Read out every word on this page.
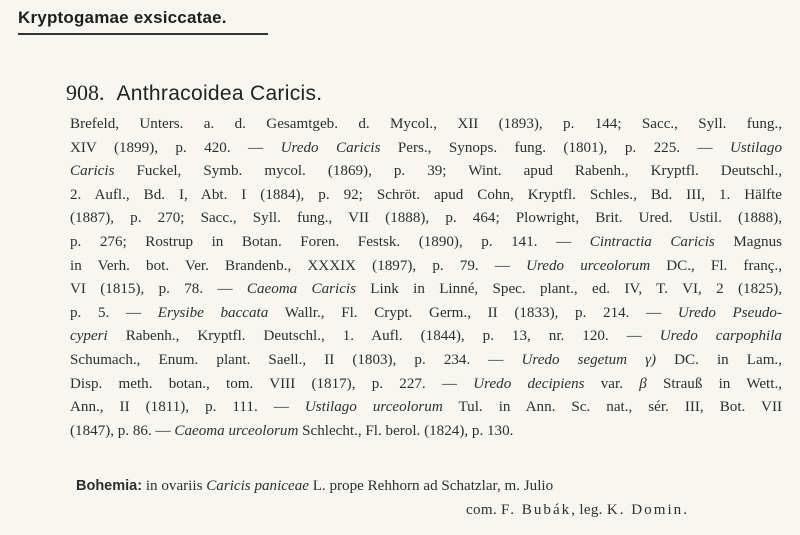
Kryptogamae exsiccatae.
908. Anthracoidea Caricis.
Brefeld, Unters. a. d. Gesamtgeb. d. Mycol., XII (1893), p. 144; Sacc., Syll. fung.,
XIV (1899), p. 420. — Uredo Caricis Pers., Synops. fung. (1801), p. 225. — Ustilago
Caricis Fuckel, Symb. mycol. (1869), p. 39; Wint. apud Rabenh., Kryptfl. Deutschl.,
2. Aufl., Bd. I, Abt. I (1884), p. 92; Schröt. apud Cohn, Kryptfl. Schles., Bd. III, 1. Hälfte
(1887), p. 270; Sacc., Syll. fung., VII (1888), p. 464; Plowright, Brit. Ured. Ustil. (1888),
p. 276; Rostrup in Botan. Foren. Festsk. (1890), p. 141. — Cintractia Caricis Magnus
in Verh. bot. Ver. Brandenb., XXXIX (1897), p. 79. — Uredo urceolorum DC., Fl. franç.,
VI (1815), p. 78. — Caeoma Caricis Link in Linné, Spec. plant., ed. IV, T. VI, 2 (1825),
p. 5. — Erysibe baccata Wallr., Fl. Crypt. Germ., II (1833), p. 214. — Uredo Pseudo-
cyperi Rabenh., Kryptfl. Deutschl., 1. Aufl. (1844), p. 13, nr. 120. — Uredo carpophila
Schumach., Enum. plant. Saell., II (1803), p. 234. — Uredo segetum γ) DC. in Lam.,
Disp. meth. botan., tom. VIII (1817), p. 227. — Uredo decipiens var. β Strauß in Wett.,
Ann., II (1811), p. 111. — Ustilago urceolorum Tul. in Ann. Sc. nat., sér. III, Bot. VII
(1847), p. 86. — Caeoma urceolorum Schlecht., Fl. berol. (1824), p. 130.
Bohemia: in ovariis Caricis paniceae L. prope Rehhorn ad Schatzlar, m. Julio
com. F. Bubák, leg. K. Domin.
